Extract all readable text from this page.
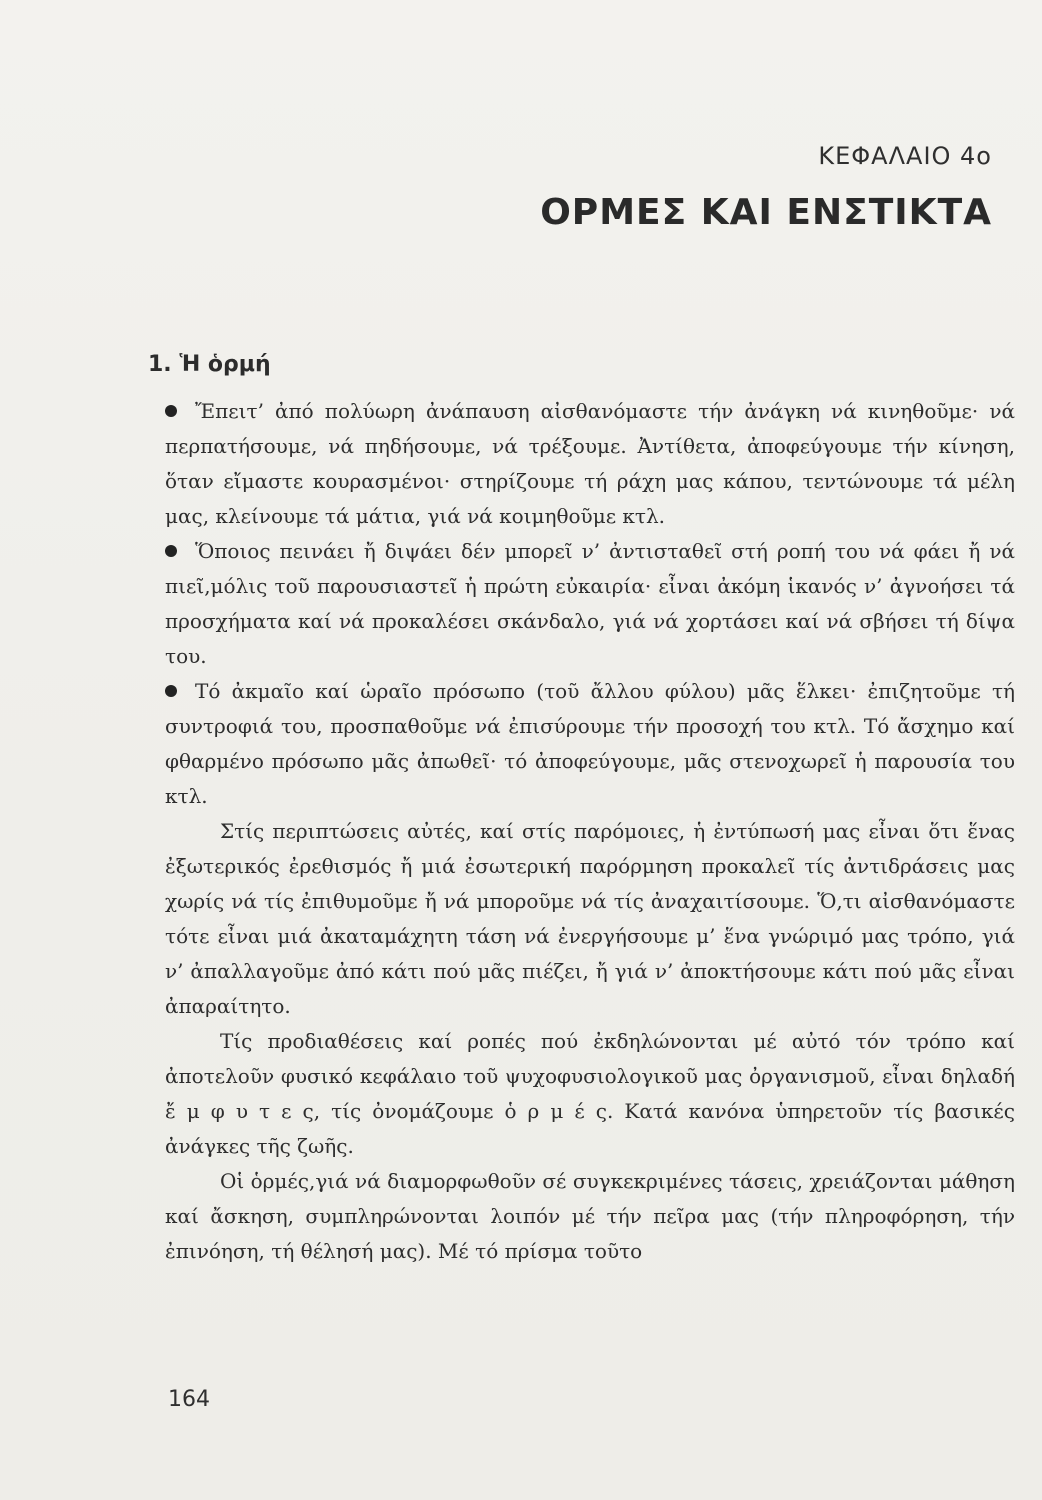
ΚΕΦΑΛΑΙΟ 4ο
ΟΡΜΕΣ ΚΑΙ ΕΝΣΤΙΚΤΑ
1. Ἡ ὁρμή

Ἔπειτ’ ἀπό πολύωρη ἀνάπαυση αἰσθανόμαστε τήν ἀνάγκη νά κινηθοῦμε· νά περπατήσουμε, νά πηδήσουμε, νά τρέξουμε. Ἀντίθετα, ἀποφεύγουμε τήν κίνηση, ὅταν εἴμαστε κουρασμένοι· στηρίζουμε τή ράχη μας κάπου, τεντώνουμε τά μέλη μας, κλείνουμε τά μάτια, γιά νά κοιμηθοῦμε κτλ.

Ὅποιος πεινάει ἤ διψάει δέν μπορεῖ ν’ ἀντισταθεῖ στή ροπή του νά φάει ἤ νά πιεῖ,μόλις τοῦ παρουσιαστεῖ ἡ πρώτη εὐκαιρία· εἶναι ἀκόμη ἱκανός ν’ ἀγνοήσει τά προσχήματα καί νά προκαλέσει σκάνδαλο, γιά νά χορτάσει καί νά σβήσει τή δίψα του.

Τό ἀκμαῖο καί ὡραῖο πρόσωπο (τοῦ ἄλλου φύλου) μᾶς ἕλκει· ἐπιζητοῦμε τή συντροφιά του, προσπαθοῦμε νά ἐπισύρουμε τήν προσοχή του κτλ. Τό ἄσχημο καί φθαρμένο πρόσωπο μᾶς ἀπωθεῖ· τό ἀποφεύγουμε, μᾶς στενοχωρεῖ ἡ παρουσία του κτλ.

Στίς περιπτώσεις αὐτές, καί στίς παρόμοιες, ἡ ἐντύπωσή μας εἶναι ὅτι ἕνας ἐξωτερικός ἐρεθισμός ἤ μιά ἐσωτερική παρόρμηση προκαλεῖ τίς ἀντιδράσεις μας χωρίς νά τίς ἐπιθυμοῦμε ἤ νά μποροῦμε νά τίς ἀναχαιτίσουμε. Ὅ,τι αἰσθανόμαστε τότε εἶναι μιά ἀκαταμάχητη τάση νά ἐνεργήσουμε μ’ ἕνα γνώριμό μας τρόπο, γιά ν’ ἀπαλλαγοῦμε ἀπό κάτι πού μᾶς πιέζει, ἤ γιά ν’ ἀποκτήσουμε κάτι πού μᾶς εἶναι ἀπαραίτητο.

Τίς προδιαθέσεις καί ροπές πού ἐκδηλώνονται μέ αὐτό τόν τρόπο καί ἀποτελοῦν φυσικό κεφάλαιο τοῦ ψυχοφυσιολογικοῦ μας ὀργανισμοῦ, εἶναι δηλαδή ἔ μ φ υ τ ε ς, τίς ὀνομάζουμε ὁ ρ μ έ ς. Κατά κανόνα ὑπηρετοῦν τίς βασικές ἀνάγκες τῆς ζωῆς.

Οἱ ὁρμές,γιά νά διαμορφωθοῦν σέ συγκεκριμένες τάσεις, χρειάζονται μάθηση καί ἄσκηση, συμπληρώνονται λοιπόν μέ τήν πεῖρα μας (τήν πληροφόρηση, τήν ἐπινόηση, τή θέλησή μας). Μέ τό πρίσμα τοῦτο

164
